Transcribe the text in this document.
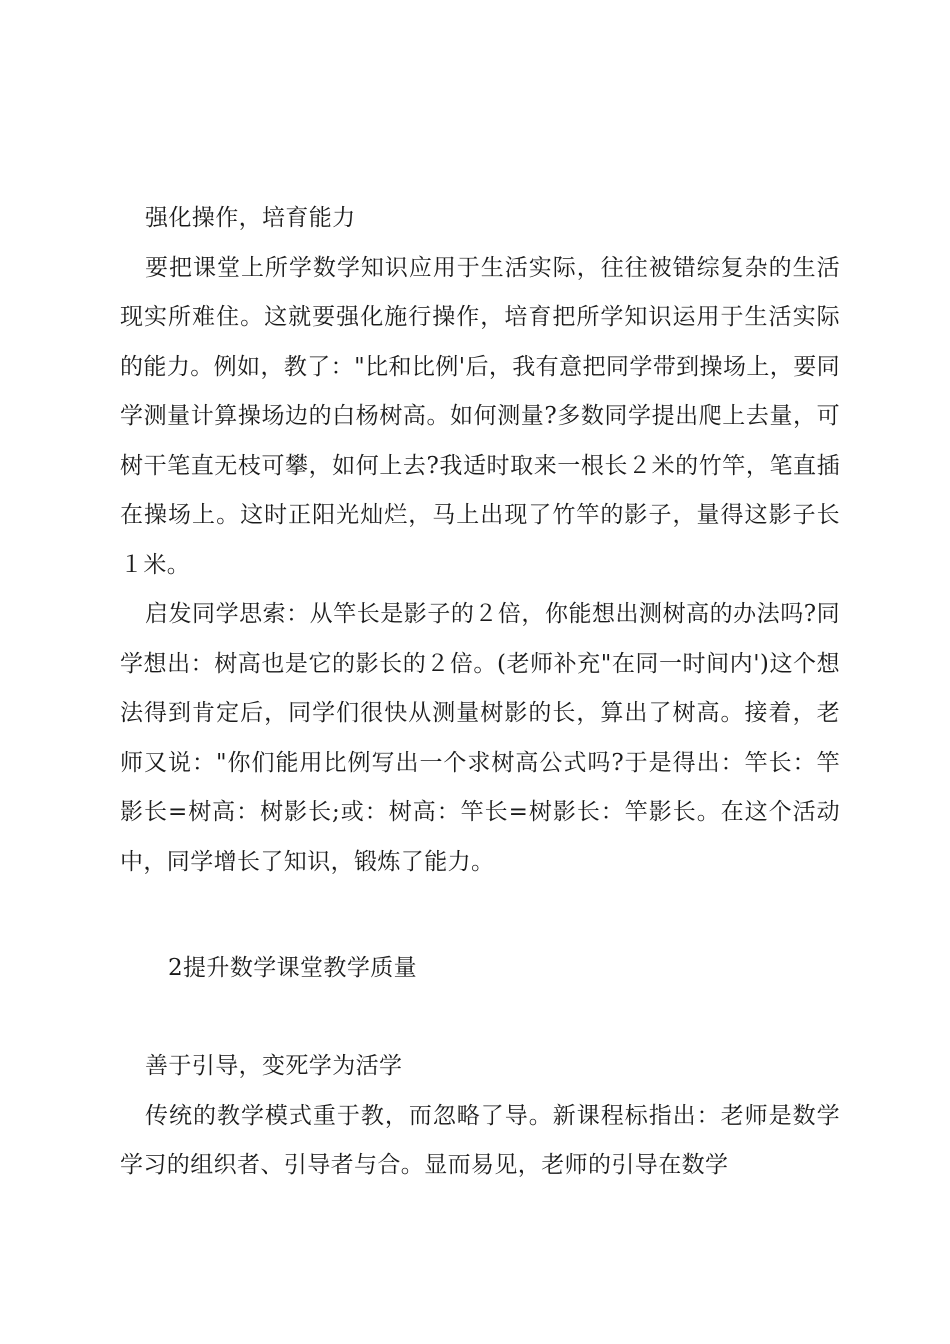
强化操作，培育能力

要把课堂上所学数学知识应用于生活实际，往往被错综复杂的生活现实所难住。这就要强化施行操作，培育把所学知识运用于生活实际的能力。例如，教了："比和比例'后，我有意把同学带到操场上，要同学测量计算操场边的白杨树高。如何测量?多数同学提出爬上去量，可树干笔直无枝可攀，如何上去?我适时取来一根长２米的竹竿，笔直插在操场上。这时正阳光灿烂，马上出现了竹竿的影子，量得这影子长１米。

启发同学思索：从竿长是影子的２倍，你能想出测树高的办法吗?同学想出：树高也是它的影长的２倍。(老师补充"在同一时间内')这个想法得到肯定后，同学们很快从测量树影的长，算出了树高。接着，老师又说："你们能用比例写出一个求树高公式吗?于是得出：竿长：竿影长=树高：树影长;或：树高：竿长=树影长：竿影长。在这个活动中，同学增长了知识，锻炼了能力。

2提升数学课堂教学质量

善于引导，变死学为活学

传统的教学模式重于教，而忽略了导。新课程标指出：老师是数学学习的组织者、引导者与合。显而易见，老师的引导在数学
